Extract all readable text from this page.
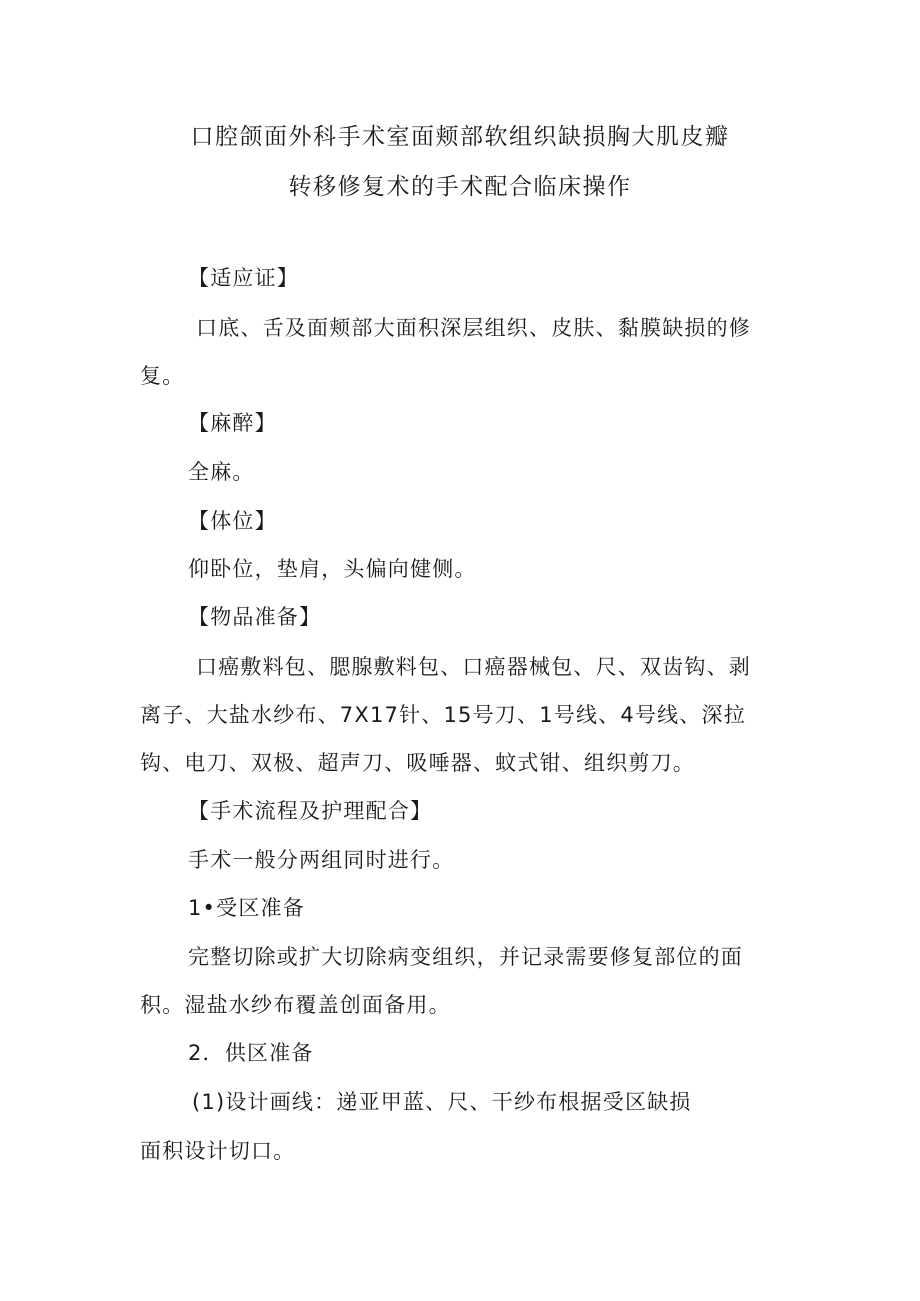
口腔颌面外科手术室面颊部软组织缺损胸大肌皮瓣
转移修复术的手术配合临床操作
【适应证】
口底、舌及面颊部大面积深层组织、皮肤、黏膜缺损的修
复。
【麻醉】
全麻。
【体位】
仰卧位，垫肩，头偏向健侧。
【物品准备】
口癌敷料包、腮腺敷料包、口癌器械包、尺、双齿钩、剥
离子、大盐水纱布、7X17针、15号刀、1号线、4号线、深拉
钩、电刀、双极、超声刀、吸唾器、蚊式钳、组织剪刀。
【手术流程及护理配合】
手术一般分两组同时进行。
1•受区准备
完整切除或扩大切除病变组织，并记录需要修复部位的面
积。湿盐水纱布覆盖创面备用。
2．供区准备
(1)设计画线：递亚甲蓝、尺、干纱布根据受区缺损
面积设计切口。
